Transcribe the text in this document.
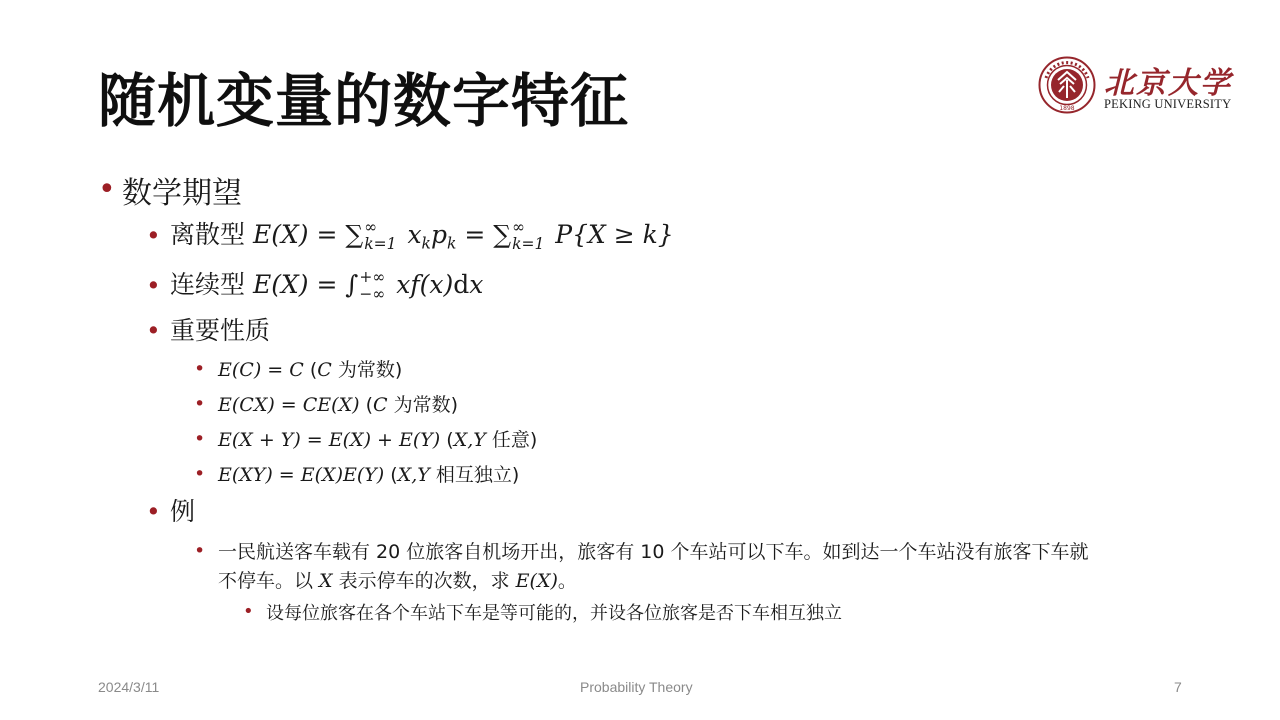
随机变量的数字特征	1898
北京大学
PEKING UNIVERSITY
• 数学期望
• 离散型 E(X) = ∑ ∞
k=1 $x_kp_k$ = ∑ ∞
k=1 P{X ≥ k}
• 连续型 E(X) = ∫ +∞
−∞ xf(x)dx
• 重要性质
• E(C) = C (C 为常数)
• E(CX) = CE(X) (C 为常数)
• E(X + Y) = E(X) + E(Y) (X,Y 任意)
• E(XY) = E(X)E(Y) (X,Y 相互独立)
• 例
• 一民航送客车载有 20 位旅客自机场开出，旅客有 10 个车站可以下车。如到达一个车站没有旅客下车就
不停车。以 X 表示停车的次数，求 E(X)。
• 设每位旅客在各个车站下车是等可能的，并设各位旅客是否下车相互独立
2024/3/11	Probability Theory	7
